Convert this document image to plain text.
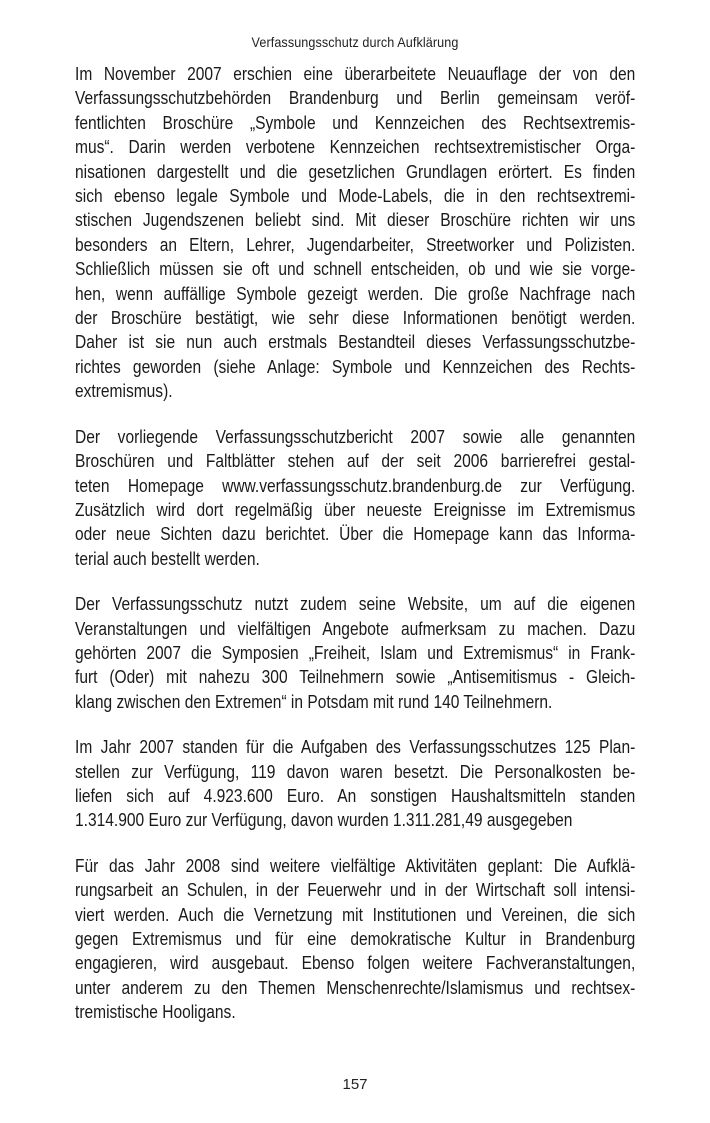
Verfassungsschutz durch Aufklärung
Im November 2007 erschien eine überarbeitete Neuauflage der von den
Verfassungsschutzbehörden Brandenburg und Berlin gemeinsam veröf-
fentlichten Broschüre „Symbole und Kennzeichen des Rechtsextremis-
mus“. Darin werden verbotene Kennzeichen rechtsextremistischer Orga-
nisationen dargestellt und die gesetzlichen Grundlagen erörtert. Es finden
sich ebenso legale Symbole und Mode-Labels, die in den rechtsextremi-
stischen Jugendszenen beliebt sind. Mit dieser Broschüre richten wir uns
besonders an Eltern, Lehrer, Jugendarbeiter, Streetworker und Polizisten.
Schließlich müssen sie oft und schnell entscheiden, ob und wie sie vorge-
hen, wenn auffällige Symbole gezeigt werden. Die große Nachfrage nach
der Broschüre bestätigt, wie sehr diese Informationen benötigt werden.
Daher ist sie nun auch erstmals Bestandteil dieses Verfassungsschutzbe-
richtes geworden (siehe Anlage: Symbole und Kennzeichen des Rechts-
extremismus).
Der vorliegende Verfassungsschutzbericht 2007 sowie alle genannten
Broschüren und Faltblätter stehen auf der seit 2006 barrierefrei gestal-
teten Homepage www.verfassungsschutz.brandenburg.de zur Verfügung.
Zusätzlich wird dort regelmäßig über neueste Ereignisse im Extremismus
oder neue Sichten dazu berichtet. Über die Homepage kann das Informa-
terial auch bestellt werden.
Der Verfassungsschutz nutzt zudem seine Website, um auf die eigenen
Veranstaltungen und vielfältigen Angebote aufmerksam zu machen. Dazu
gehörten 2007 die Symposien „Freiheit, Islam und Extremismus“ in Frank-
furt (Oder) mit nahezu 300 Teilnehmern sowie „Antisemitismus - Gleich-
klang zwischen den Extremen“ in Potsdam mit rund 140 Teilnehmern.
Im Jahr 2007 standen für die Aufgaben des Verfassungsschutzes 125 Plan-
stellen zur Verfügung, 119 davon waren besetzt. Die Personalkosten be-
liefen sich auf 4.923.600 Euro. An sonstigen Haushaltsmitteln standen
1.314.900 Euro zur Verfügung, davon wurden 1.311.281,49 ausgegeben
Für das Jahr 2008 sind weitere vielfältige Aktivitäten geplant: Die Aufklä-
rungsarbeit an Schulen, in der Feuerwehr und in der Wirtschaft soll intensi-
viert werden. Auch die Vernetzung mit Institutionen und Vereinen, die sich
gegen Extremismus und für eine demokratische Kultur in Brandenburg
engagieren, wird ausgebaut. Ebenso folgen weitere Fachveranstaltungen,
unter anderem zu den Themen Menschenrechte/Islamismus und rechtsex-
tremistische Hooligans.
157
